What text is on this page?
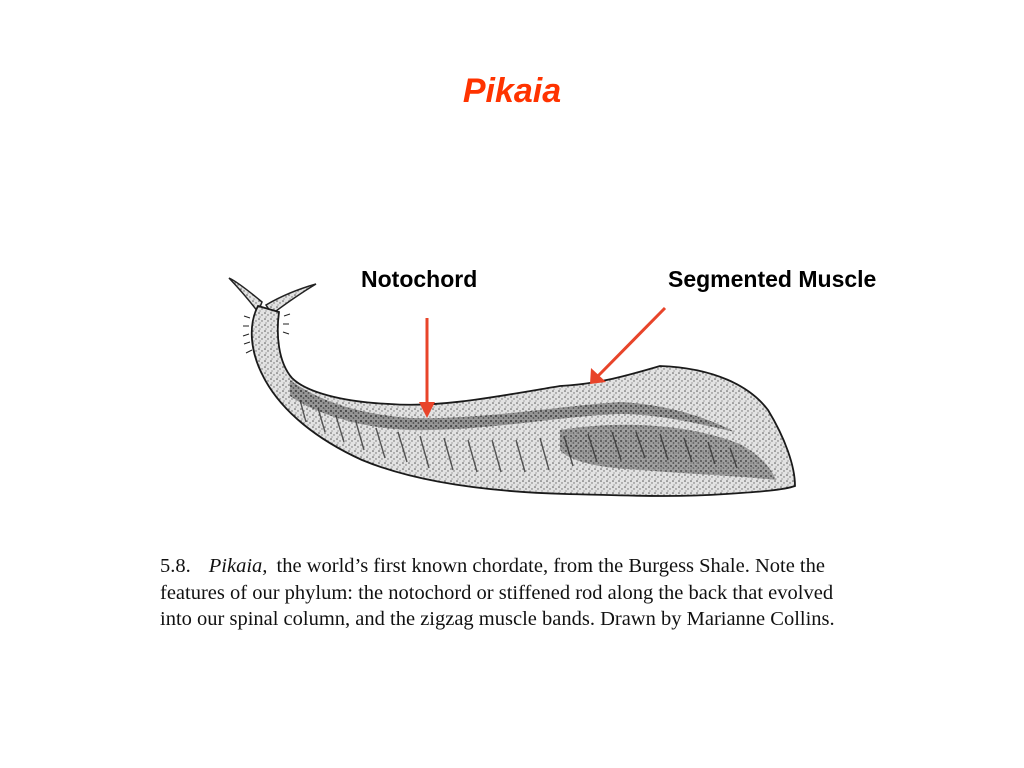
Pikaia
Notochord	Segmented Muscle
5.8. Pikaia, the world’s first known chordate, from the Burgess Shale. Note the features of our phylum: the notochord or stiffened rod along the back that evolved into our spinal column, and the zigzag muscle bands. Drawn by Marianne Collins.
